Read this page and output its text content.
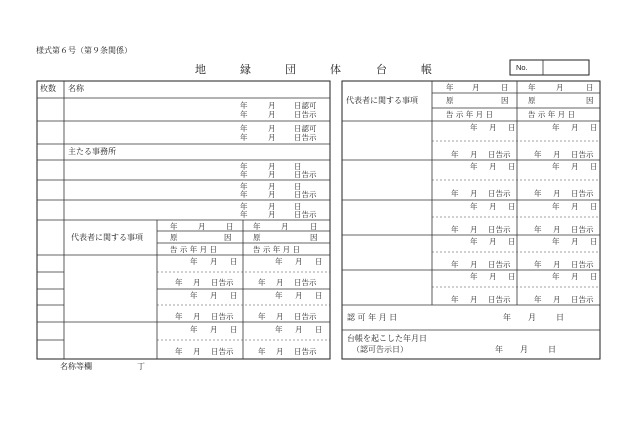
様式第６号（第９条関係）
地	縁	団	体	台	帳	No.
枚数 名称
年	月 日認可
年	月 日告示
年	月 日認可
年	月 日告示
主たる事務所
年	月 日
年	月 日告示
年	月 日
年	月 日告示
年	月 日
年	月 日告示
代表者に関する事項
年	月	日	年	月	日
原	因	原	因
告 示 年 月 日	告 示 年 月 日
年 月 日	年 月 日
年 月 日告示	年 月 日告示
年 月 日	年 月 日
年 月 日告示	年 月 日告示
年 月 日	年 月 日
年 月 日告示	年 月 日告示
代表者に関する事項
年 月	日	年	月	日
原	因	原	因
告 示 年 月 日	告 示 年 月 日
年 月 日	年 月 日
年 月 日告示	年 月 日告示
年 月 日	年 月 日
年 月 日告示	年 月 日告示
年 月 日	年 月 日
年 月 日告示	年 月 日告示
年 月 日	年 月 日
年 月 日告示	年 月 日告示
年 月 日	年 月 日
年 月 日告示	年 月 日告示
認 可 年 月 日	年 月	日
台帳を起こした年月日
（認可告示日）	年 月	日
名称等欄	丁
